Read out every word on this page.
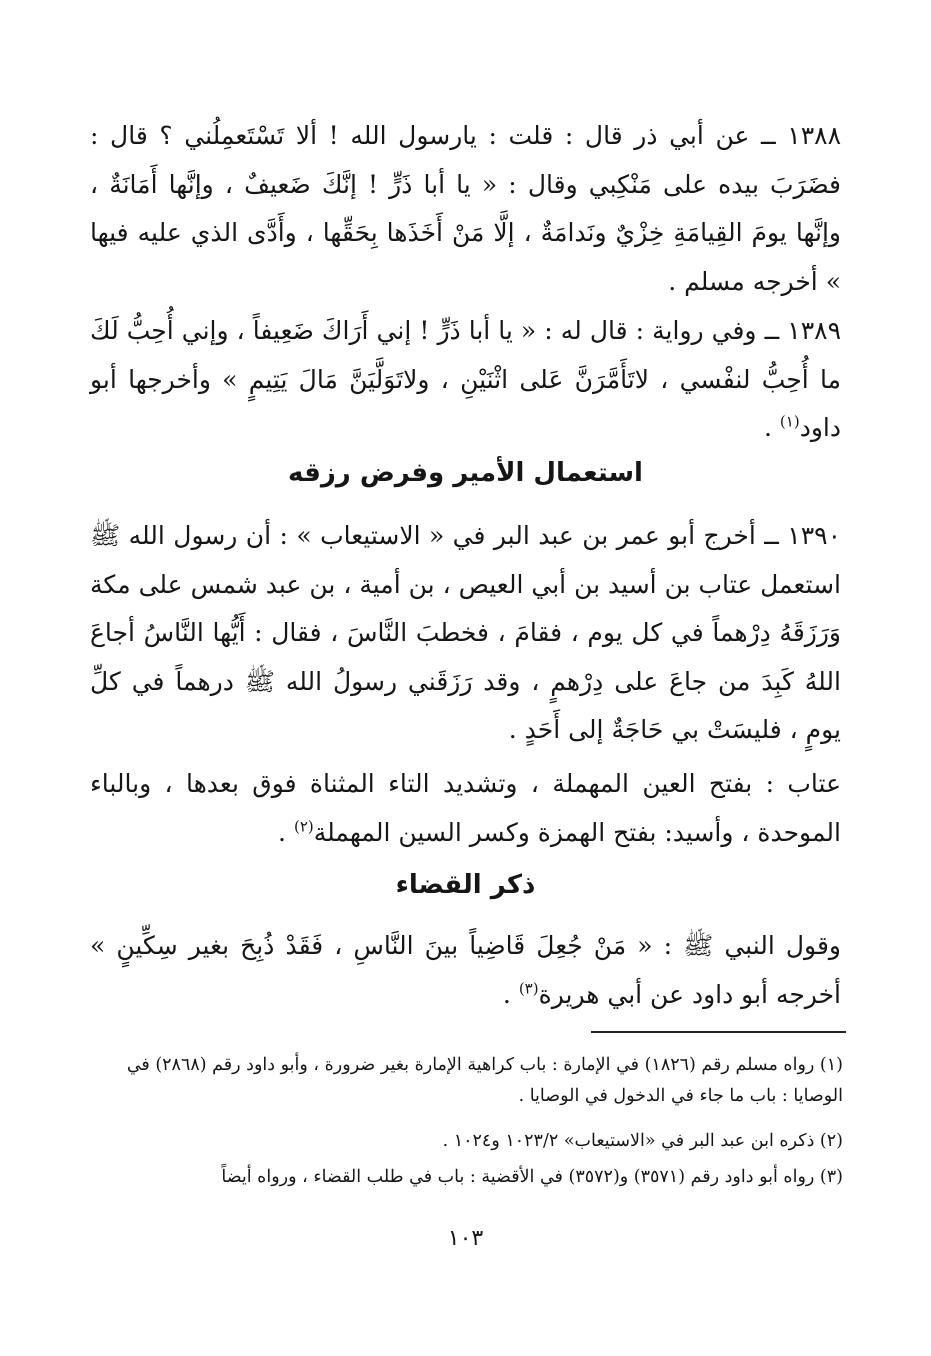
١٣٨٨ ــ عن أبي ذر قال : قلت : يارسول الله ! ألا تَسْتَعمِلُني ؟ قال : فضَرَبَ بيده على مَنْكِبي وقال : « يا أبا ذَرٍّ ! إنَّكَ ضَعيفٌ ، وإنَّها أَمَانَةٌ ، وإنَّها يومَ القِيامَةِ خِزْيٌ ونَدامَةٌ ، إلَّا مَنْ أَخَذَها بِحَقِّها ، وأَدَّى الذي عليه فيها » أخرجه مسلم .

١٣٨٩ ــ وفي رواية : قال له : « يا أبا ذَرٍّ ! إني أَرَاكَ ضَعِيفاً ، وإني أُحِبُّ لَكَ ما أُحِبُّ لنفْسي ، لاتَأَمَّرَنَّ عَلى اثْنَيْنِ ، ولاتَوَلَّيَنَّ مَالَ يَتِيمٍ » وأخرجها أبو داود$^{(١)}$ .

استعمال الأمير وفرض رزقه

١٣٩٠ ــ أخرج أبو عمر بن عبد البر في « الاستيعاب » : أن رسول الله ﷺ استعمل عتاب بن أسيد بن أبي العيص ، بن أمية ، بن عبد شمس على مكة وَرَزَقَهُ دِرْهماً في كل يوم ، فقامَ ، فخطبَ النَّاسَ ، فقال : أَيُّها النَّاسُ أجاعَ اللهُ كَبِدَ من جاعَ على دِرْهمٍ ، وقد رَزَقَني رسولُ الله ﷺ درهماً في كلِّ يومٍ ، فليسَتْ بي حَاجَةٌ إلى أَحَدٍ .

عتاب : بفتح العين المهملة ، وتشديد التاء المثناة فوق بعدها ، وبالباء الموحدة ، وأسيد: بفتح الهمزة وكسر السين المهملة$^{(٢)}$ .

ذكر القضاء

وقول النبي ﷺ : « مَنْ جُعِلَ قَاضِياً بينَ النَّاسِ ، فَقَدْ ذُبِحَ بغير سِكِّينٍ » أخرجه أبو داود عن أبي هريرة$^{(٣)}$ .

(١) رواه مسلم رقم (١٨٢٦) في الإمارة : باب كراهية الإمارة بغير ضرورة ، وأبو داود رقم (٢٨٦٨) في الوصايا : باب ما جاء في الدخول في الوصايا .

(٢) ذكره ابن عبد البر في «الاستيعاب» ١٠٢٣/٢ و١٠٢٤ .

(٣) رواه أبو داود رقم (٣٥٧١) و(٣٥٧٢) في الأقضية : باب في طلب القضاء ، ورواه أيضاً

١٠٣
